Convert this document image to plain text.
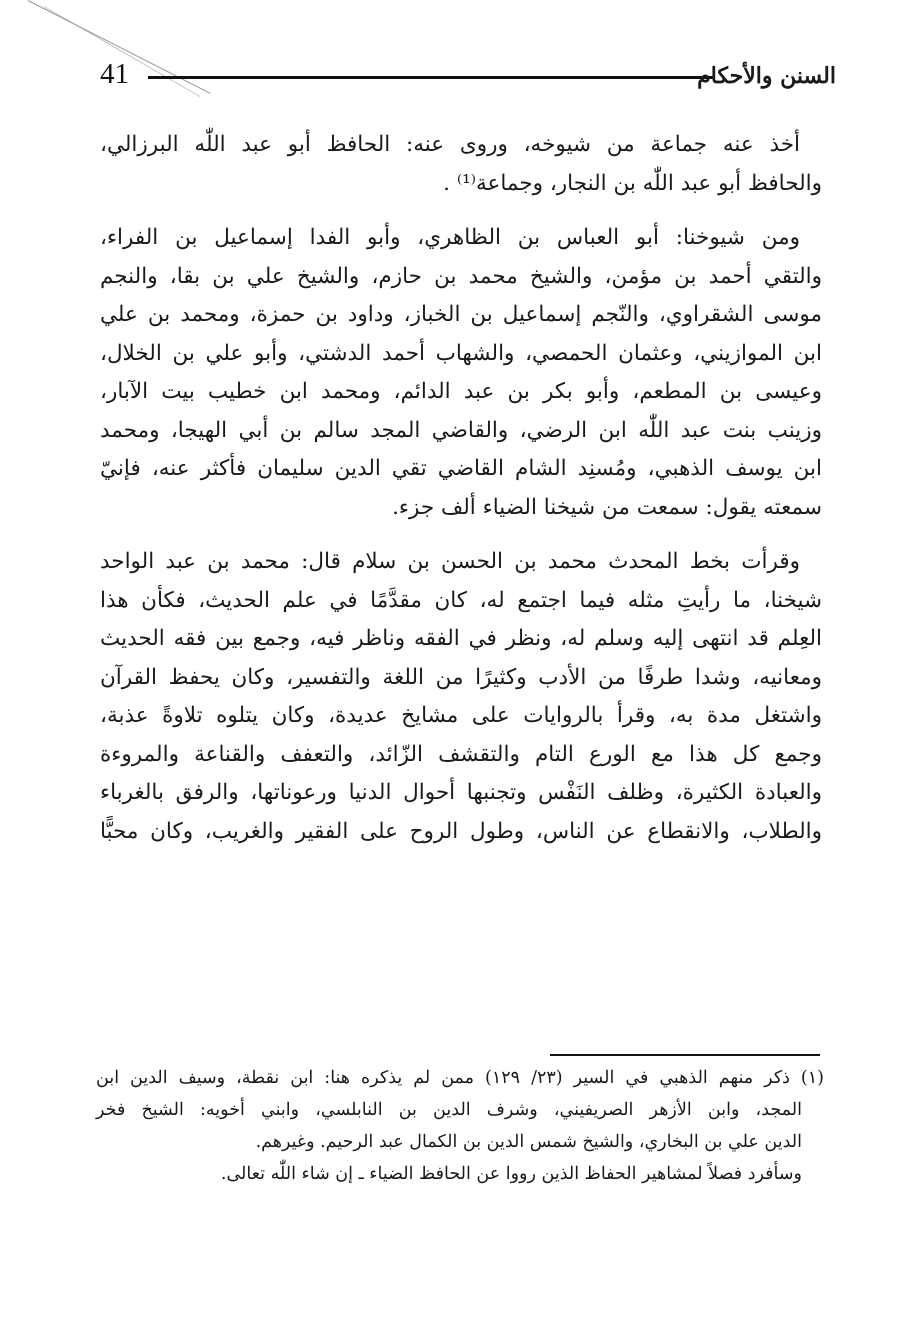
41	السنن والأحكام
أخذ عنه جماعة من شيوخه، وروى عنه: الحافظ أبو عبد اللّٰه البرزالي،
والحافظ أبو عبد اللّٰه بن النجار، وجماعة⁽¹⁾ .
ومن شيوخنا: أبو العباس بن الظاهري، وأبو الفدا إسماعيل بن الفراء،
والتقي أحمد بن مؤمن، والشيخ محمد بن حازم، والشيخ علي بن بقا، والنجم
موسى الشقراوي، والنّجم إسماعيل بن الخباز، وداود بن حمزة، ومحمد بن علي
ابن الموازيني، وعثمان الحمصي، والشهاب أحمد الدشتي، وأبو علي بن الخلال،
وعيسى بن المطعم، وأبو بكر بن عبد الدائم، ومحمد ابن خطيب بيت الآبار،
وزينب بنت عبد اللّٰه ابن الرضي، والقاضي المجد سالم بن أبي الهيجا، ومحمد
ابن يوسف الذهبي، ومُسنِد الشام القاضي تقي الدين سليمان فأكثر عنه، فإنيّ
سمعته يقول: سمعت من شيخنا الضياء ألف جزء.
وقرأت بخط المحدث محمد بن الحسن بن سلام قال: محمد بن عبد الواحد
شيخنا، ما رأيتِ مثله فيما اجتمع له، كان مقدَّمًا في علم الحديث، فكأن هذا
العِلم قد انتهى إليه وسلم له، ونظر في الفقه وناظر فيه، وجمع بين فقه الحديث
ومعانيه، وشدا طرفًا من الأدب وكثيرًا من اللغة والتفسير، وكان يحفظ القرآن
واشتغل مدة به، وقرأ بالروايات على مشايخ عديدة، وكان يتلوه تلاوةً عذبة،
وجمع كل هذا مع الورع التام والتقشف الزّائد، والتعفف والقناعة والمروءة
والعبادة الكثيرة، وظلف النَفْس وتجنبها أحوال الدنيا ورعوناتها، والرفق بالغرباء
والطلاب، والانقطاع عن الناس، وطول الروح على الفقير والغريب، وكان محبًّا
(١) ذكر منهم الذهبي في السير (٢٣/ ١٢٩) ممن لم يذكره هنا: ابن نقطة، وسيف الدين ابن
المجد، وابن الأزهر الصريفيني، وشرف الدين بن النابلسي، وابني أخويه: الشيخ فخر
الدين علي بن البخاري، والشيخ شمس الدين بن الكمال عبد الرحيم. وغيرهم.
وسأفرد فصلاً لمشاهير الحفاظ الذين رووا عن الحافظ الضياء ـ إن شاء اللّٰه تعالى.
